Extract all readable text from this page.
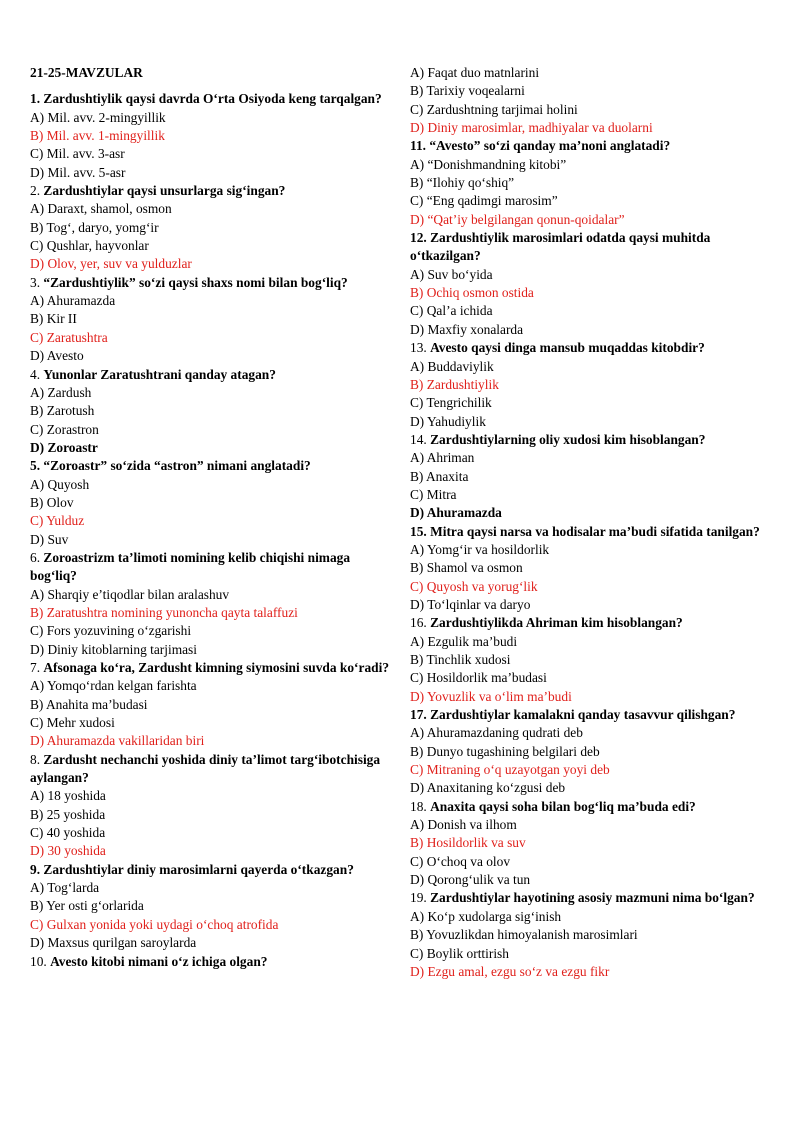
21-25-MAVZULAR
1. Zardushtiylik qaysi davrda O‘rta Osiyoda keng tarqalgan?
A) Mil. avv. 2-mingyillik
B) Mil. avv. 1-mingyillik
C) Mil. avv. 3-asr
D) Mil. avv. 5-asr
2. Zardushtiylar qaysi unsurlarga sig‘ingan?
A) Daraxt, shamol, osmon
B) Tog‘, daryo, yomg‘ir
C) Qushlar, hayvonlar
D) Olov, yer, suv va yulduzlar
3. “Zardushtiylik” so‘zi qaysi shaxs nomi bilan bog‘liq?
A) Ahuramazda
B) Kir II
C) Zaratushtra
D) Avesto
4. Yunonlar Zaratushtrani qanday atagan?
A) Zardush
B) Zarotush
C) Zorastron
D) Zoroastr
5. “Zoroastr” so‘zida “astron” nimani anglatadi?
A) Quyosh
B) Olov
C) Yulduz
D) Suv
6. Zoroastrizm ta’limoti nomining kelib chiqishi nimaga bog‘liq?
A) Sharqiy e’tiqodlar bilan aralashuv
B) Zaratushtra nomining yunoncha qayta talaffuzi
C) Fors yozuvining o‘zgarishi
D) Diniy kitoblarning tarjimasi
7. Afsonaga ko‘ra, Zardusht kimning siymosini suvda ko‘radi?
A) Yomqo‘rdan kelgan farishta
B) Anahita ma’budasi
C) Mehr xudosi
D) Ahuramazda vakillaridan biri
8. Zardusht nechanchi yoshida diniy ta’limot targ‘ibotchisiga aylangan?
A) 18 yoshida
B) 25 yoshida
C) 40 yoshida
D) 30 yoshida
9. Zardushtiylar diniy marosimlarni qayerda o‘tkazgan?
A) Tog‘larda
B) Yer osti g‘orlarida
C) Gulxan yonida yoki uydagi o‘choq atrofida
D) Maxsus qurilgan saroylarda
10. Avesto kitobi nimani o‘z ichiga olgan?
A) Faqat duo matnlarini
B) Tarixiy voqealarni
C) Zardushtning tarjimai holini
D) Diniy marosimlar, madhiyalar va duolarni
11. “Avesto” so‘zi qanday ma’noni anglatadi?
A) “Donishmandning kitobi”
B) “Ilohiy qo‘shiq”
C) “Eng qadimgi marosim”
D) “Qat’iy belgilangan qonun-qoidalar”
12. Zardushtiylik marosimlari odatda qaysi muhitda o‘tkazilgan?
A) Suv bo‘yida
B) Ochiq osmon ostida
C) Qal’a ichida
D) Maxfiy xonalarda
13. Avesto qaysi dinga mansub muqaddas kitobdir?
A) Buddaviylik
B) Zardushtiylik
C) Tengrichilik
D) Yahudiylik
14. Zardushtiylarning oliy xudosi kim hisoblangan?
A) Ahriman
B) Anaxita
C) Mitra
D) Ahuramazda
15. Mitra qaysi narsa va hodisalar ma’budi sifatida tanilgan?
A) Yomg‘ir va hosildorlik
B) Shamol va osmon
C) Quyosh va yorug‘lik
D) To‘lqinlar va daryo
16. Zardushtiylikda Ahriman kim hisoblangan?
A) Ezgulik ma’budi
B) Tinchlik xudosi
C) Hosildorlik ma’budasi
D) Yovuzlik va o‘lim ma’budi
17. Zardushtiylar kamalakni qanday tasavvur qilishgan?
A) Ahuramazdaning qudrati deb
B) Dunyo tugashining belgilari deb
C) Mitraning o‘q uzayotgan yoyi deb
D) Anaxitaning ko‘zgusi deb
18. Anaxita qaysi soha bilan bog‘liq ma’buda edi?
A) Donish va ilhom
B) Hosildorlik va suv
C) O‘choq va olov
D) Qorong‘ulik va tun
19. Zardushtiylar hayotining asosiy mazmuni nima bo‘lgan?
A) Ko‘p xudolarga sig‘inish
B) Yovuzlikdan himoyalanish marosimlari
C) Boylik orttirish
D) Ezgu amal, ezgu so‘z va ezgu fikr
